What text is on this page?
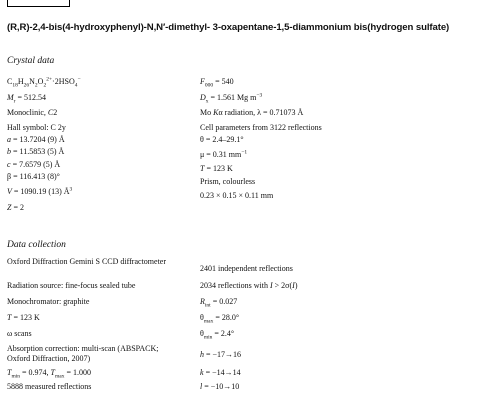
(R,R)-2,4-bis(4-hydroxyphenyl)-N,N′-dimethyl- 3-oxapentane-1,5-diammonium bis(hydrogen sulfate)
Crystal data
$C_{18}H_{26}N_2O_2^{2+}\cdot 2HSO_4^-$
$M_r = 512.54$
Monoclinic, C2
Hall symbol: C 2y
a = 13.7204 (9) Å
b = 11.5853 (5) Å
c = 7.6579 (5) Å
β = 116.413 (8)°
V = 1090.19 (13) $Å^3$
Z = 2
$F_{000} = 540$
$D_x = 1.561$ Mg $m^{-3}$
Mo Kα radiation, λ = 0.71073 Å
Cell parameters from 3122 reflections
θ = 2.4–29.1°
μ = 0.31 $mm^{-1}$
T = 123 K
Prism, colourless
0.23 × 0.15 × 0.11 mm
Data collection
Oxford Diffraction Gemini S CCD diffractometer
Radiation source: fine-focus sealed tube
Monochromator: graphite
T = 123 K
ω scans
Absorption correction: multi-scan (ABSPACK; Oxford Diffraction, 2007)
$T_{min} = 0.974$, $T_{max} = 1.000$
5888 measured reflections
2401 independent reflections
2034 reflections with I > 2σ(I)
$R_{int} = 0.027$
$\theta_{max} = 28.0^\circ$
$\theta_{min} = 2.4^\circ$
h = −17→16
k = −14→14
l = −10→10
